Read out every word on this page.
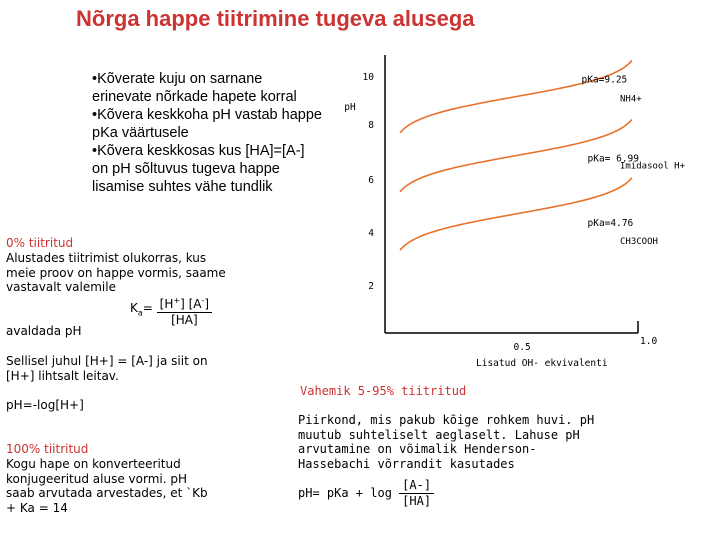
Nõrga happe tiitrimine tugeva alusega
•Kõverate kuju on sarnane erinevate nõrkade hapete korral
•Kõvera keskkoha pH vastab happe pKa väärtusele
•Kõvera keskkosas kus [HA]=[A-] on pH sõltuvus tugeva happe lisamise suhtes vähe tundlik
0% tiitritud
Alustades tiitrimist olukorras, kus meie proov on happe vormis, saame vastavalt valemile
$K_a= \frac{[H^+] [A^-]}{[HA]}$
avaldada pH
Sellisel juhul [H+] = [A-] ja siit on [H+] lihtsalt leitav.
pH=-log[H+]
100% tiitritud
Kogu hape on konverteeritud konjugeeritud aluse vormi. pH saab arvutada arvestades, et `Kb + Ka = 14
Vahemik 5-95% tiitritud
Piirkond, mis pakub kõige rohkem huvi. pH muutub suhteliselt aeglaselt. Lahuse pH arvutamine on võimalik Henderson-Hassebachi võrrandit kasutades
pH= pKa + $\log \frac{[A-]}{[HA]}$
10
8
6
4
2
pH
0.5
1.0
Lisatud OH- ekvivalenti
pKa=9.25
NH4+
pKa= 6.99
Imidasool H+
pKa=4.76
CH3COOH
